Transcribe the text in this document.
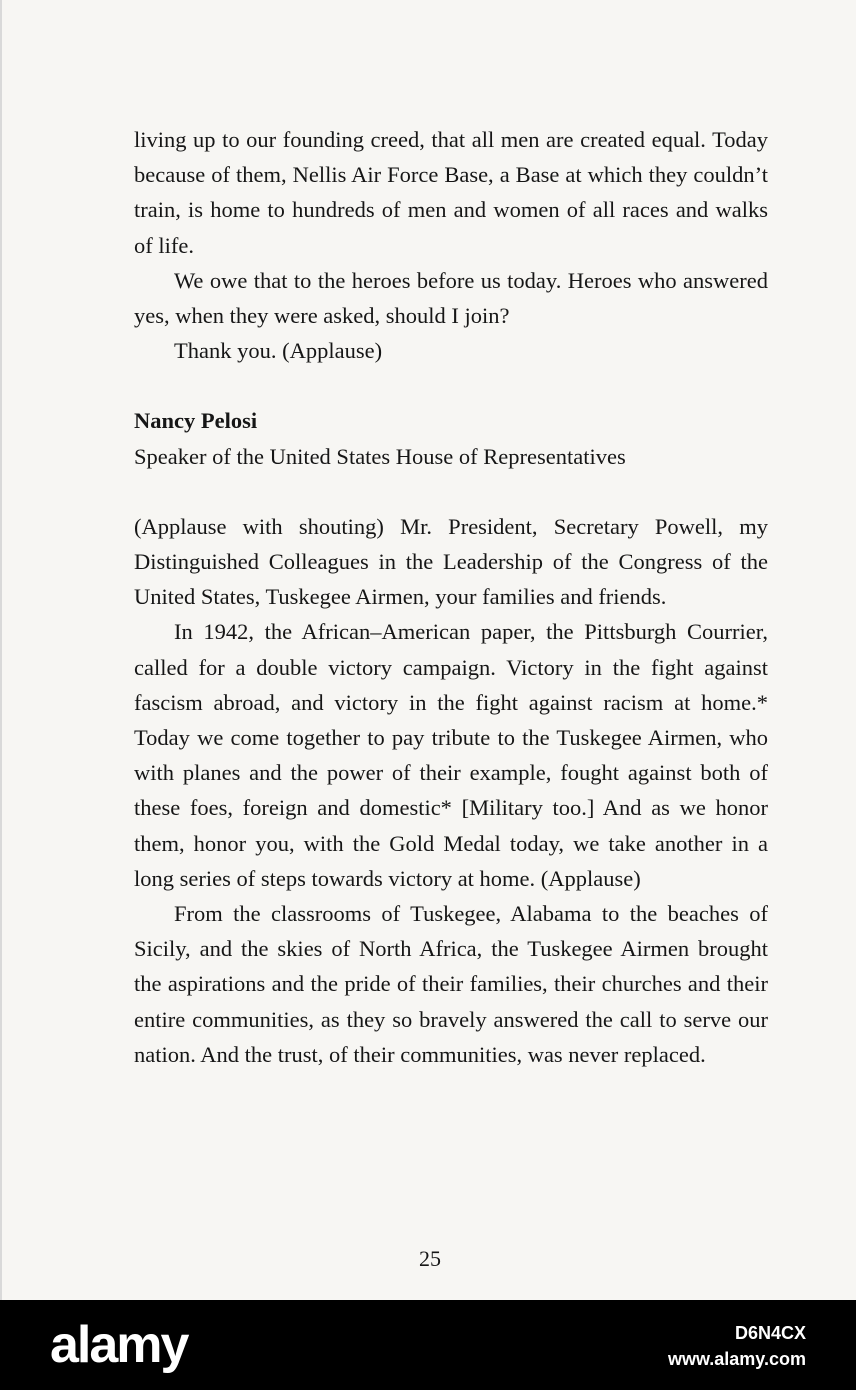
living up to our founding creed, that all men are created equal. Today because of them, Nellis Air Force Base, a Base at which they couldn’t train, is home to hundreds of men and women of all races and walks of life.

We owe that to the heroes before us today. Heroes who answered yes, when they were asked, should I join?

Thank you. (Applause)

Nancy Pelosi

Speaker of the United States House of Representatives

(Applause with shouting) Mr. President, Secretary Powell, my Distinguished Colleagues in the Leadership of the Congress of the United States, Tuskegee Airmen, your families and friends.

In 1942, the African–American paper, the Pittsburgh Courrier, called for a double victory campaign. Victory in the fight against fascism abroad, and victory in the fight against racism at home.* Today we come together to pay tribute to the Tuskegee Airmen, who with planes and the power of their example, fought against both of these foes, foreign and domestic* [Military too.] And as we honor them, honor you, with the Gold Medal today, we take another in a long series of steps towards victory at home. (Applause)

From the classrooms of Tuskegee, Alabama to the beaches of Sicily, and the skies of North Africa, the Tuskegee Airmen brought the aspirations and the pride of their families, their churches and their entire communities, as they so bravely answered the call to serve our nation. And the trust, of their communities, was never replaced.

25
alamy	D6N4CX
www.alamy.com
